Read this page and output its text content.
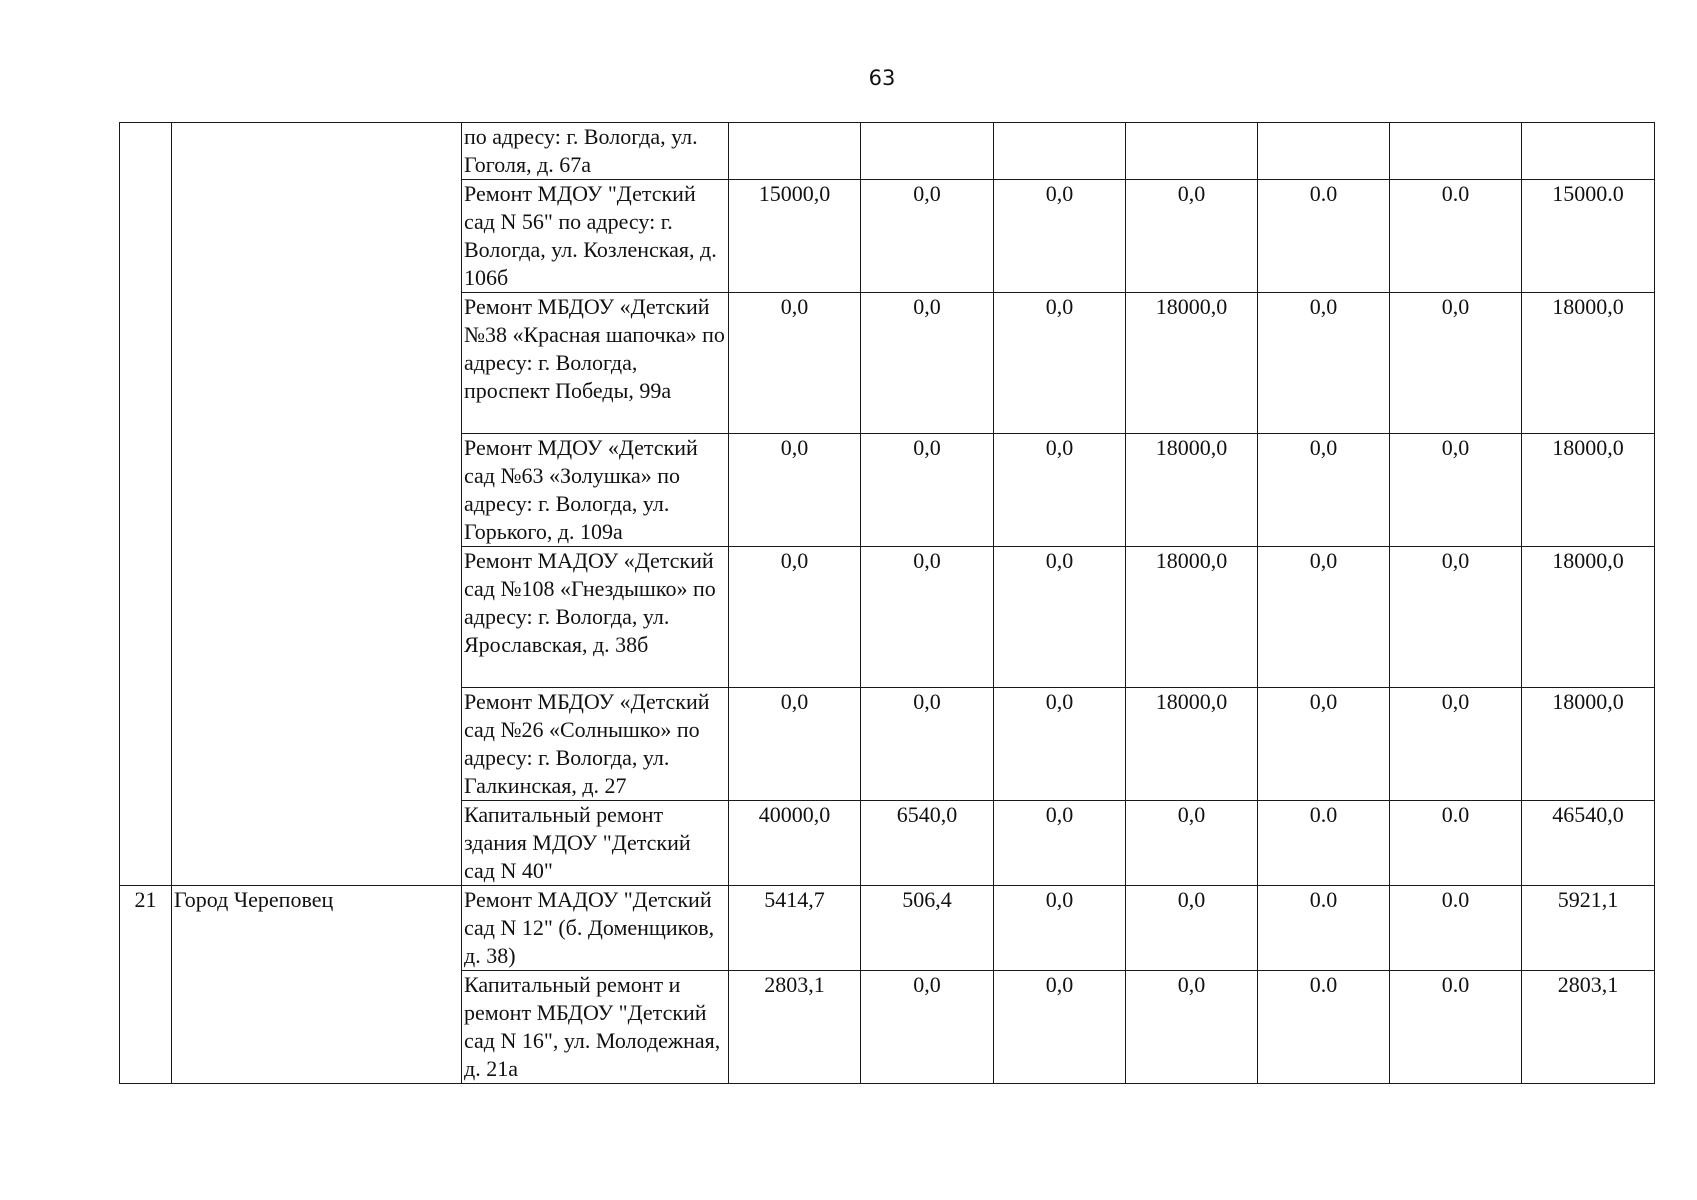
63
		по адресу: г. Вологда, ул. Гоголя, д. 67а							
		Ремонт МДОУ "Детский сад N 56" по адресу: г. Вологда, ул. Козленская, д. 106б	15000,0	0,0	0,0	0,0	0.0	0.0	15000.0
		Ремонт МБДОУ «Детский №38 «Красная шапочка» по адресу: г. Вологда, проспект Победы, 99а	0,0	0,0	0,0	18000,0	0,0	0,0	18000,0
		Ремонт МДОУ «Детский сад №63 «Золушка» по адресу: г. Вологда, ул. Горького, д. 109а	0,0	0,0	0,0	18000,0	0,0	0,0	18000,0
		Ремонт МАДОУ «Детский сад №108 «Гнездышко» по адресу: г. Вологда, ул. Ярославская, д. 38б	0,0	0,0	0,0	18000,0	0,0	0,0	18000,0
		Ремонт МБДОУ «Детский сад №26 «Солнышко» по адресу: г. Вологда, ул. Галкинская, д. 27	0,0	0,0	0,0	18000,0	0,0	0,0	18000,0
		Капитальный ремонт здания МДОУ "Детский сад N 40"	40000,0	6540,0	0,0	0,0	0.0	0.0	46540,0
21	Город Череповец	Ремонт МАДОУ "Детский сад N 12" (б. Доменщиков, д. 38)	5414,7	506,4	0,0	0,0	0.0	0.0	5921,1
		Капитальный ремонт и ремонт МБДОУ "Детский сад N 16", ул. Молодежная, д. 21а	2803,1	0,0	0,0	0,0	0.0	0.0	2803,1
